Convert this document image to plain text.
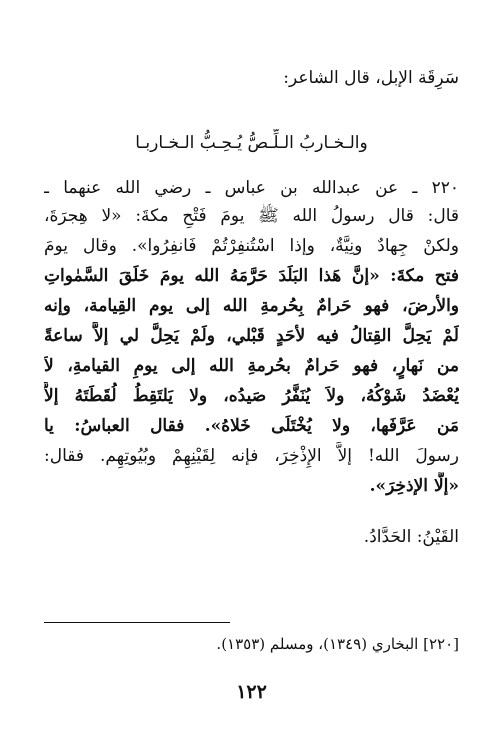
سَرِقَة الإبل، قال الشاعر:
والـخـاربُ الـلِّـصُّ يُـحِـبُّ الـخـاربـا
٢٢٠ ـ عن عبدالله بن عباس ـ رضي الله عنهما ـ
قال: قال رسولُ الله ﷺ يومَ فَتْحِ مكةَ: «لا هِجرَةَ،
ولكنْ جِهادٌ ونِيَّةٌ، وإذا اسْتُنفِرْتُمْ فَانفِرُوا». وقال يومَ
فتح مكةَ: «إنَّ هَذا البَلَدَ حَرَّمَهُ الله يومَ خَلَقَ السَّمٰواتِ
والأرضَ، فهو حَرامٌ بِحُرمةِ الله إلى يوم القِيامة، وإنه
لَمْ يَحِلَّ القِتالُ فيه لأحَدٍ قَبْلي، ولَمْ يَحِلَّ لي إلاَّ ساعةً
من نَهارٍ، فهو حَرامٌ بحُرمةِ الله إلى يومِ القيامةِ، لاَ
يُعْضَدُ شَوْكُهُ، ولاَ يُنَفَّرُ صَيدُه، ولا يَلتَقِطُ لُقَطَتَهُ إلاَّ
مَن عَرَّفَها، ولا يُخْتَلَى خَلاهُ». فقال العباسُ: يا
رسولَ الله! إلاَّ الإِذْخِرَ، فإنه لِقَيْنِهِمْ وبُيُوتِهِم. فقال:
«إلَّا الإذخِرَ».
القَيْنُ: الحَدَّادُ.
[٢٢٠] البخاري (١٣٤٩)، ومسلم (١٣٥٣).
١٢٢
